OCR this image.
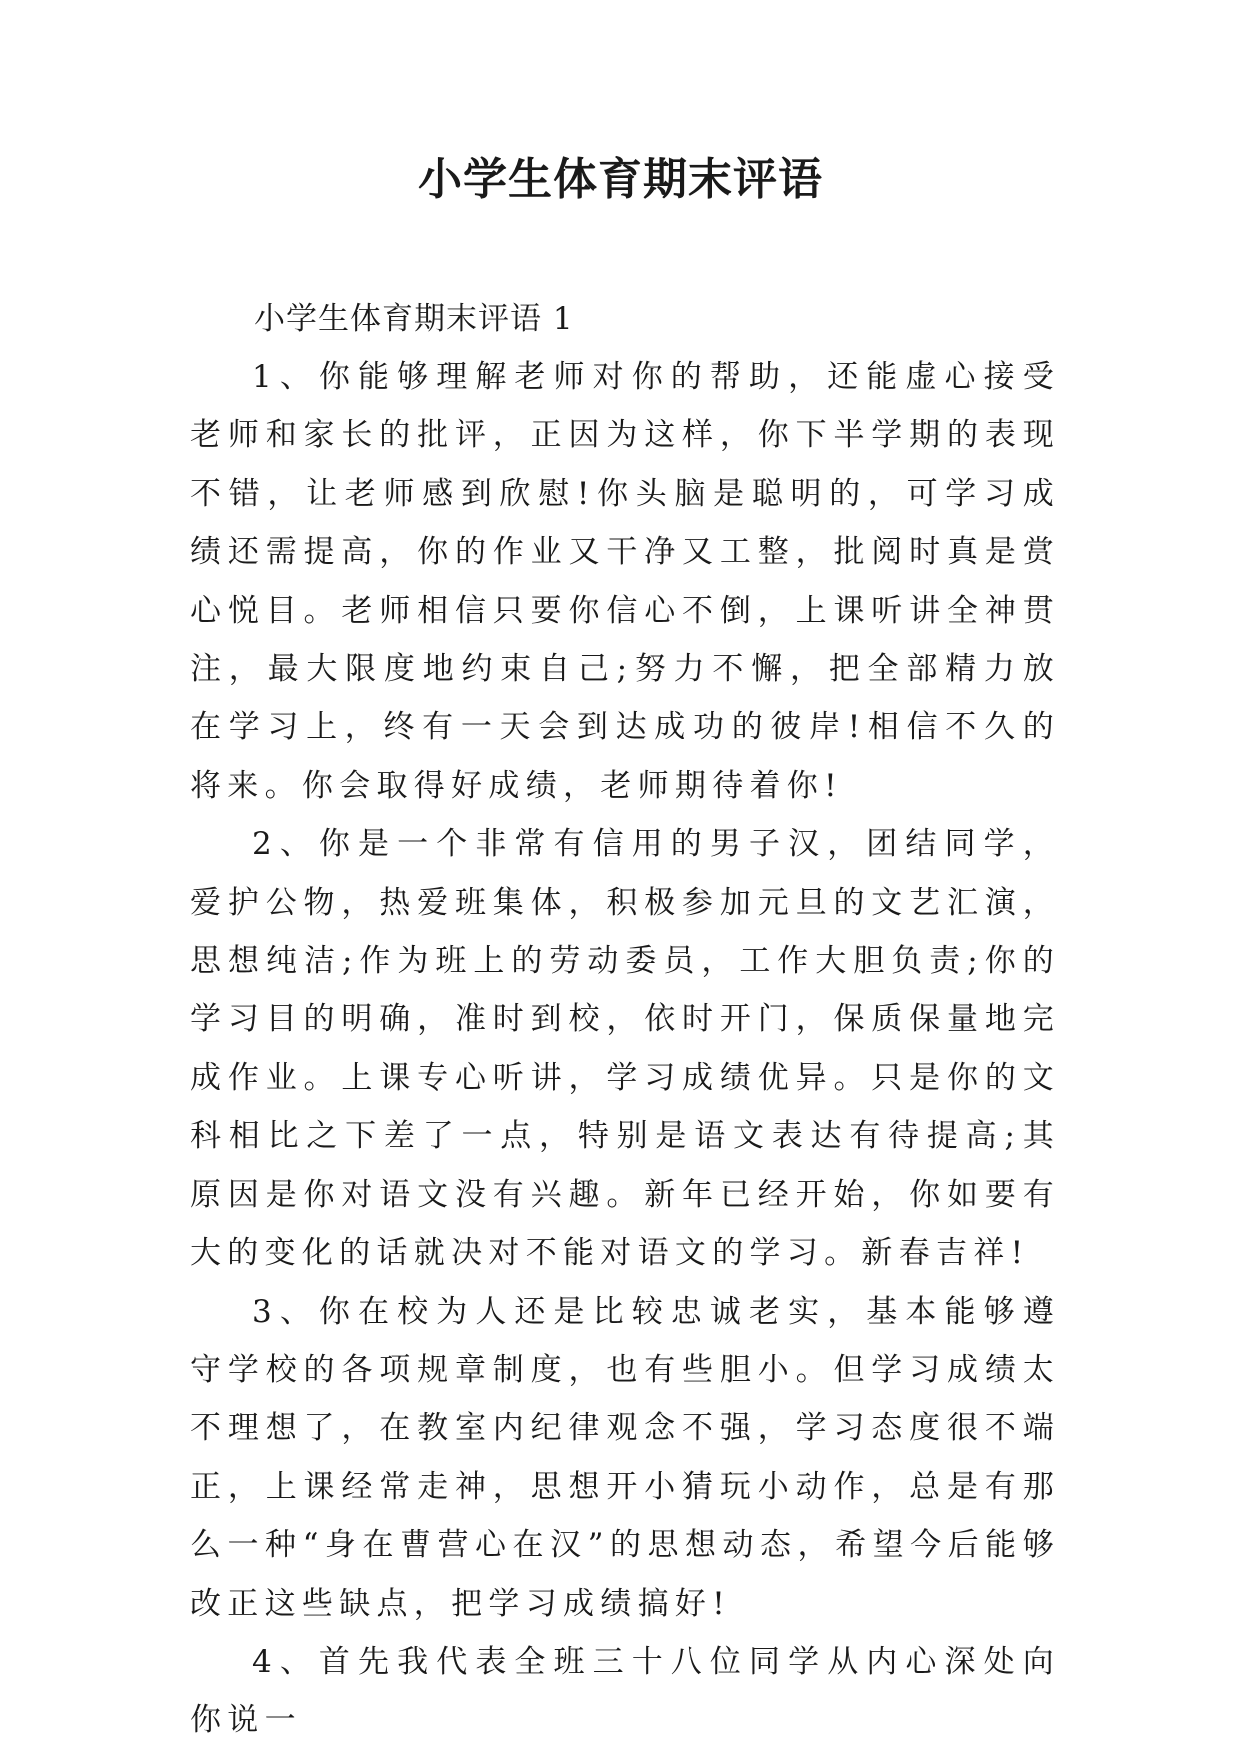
小学生体育期末评语

小学生体育期末评语 1

1、你能够理解老师对你的帮助，还能虚心接受老师和家长的批评，正因为这样，你下半学期的表现不错，让老师感到欣慰!你头脑是聪明的，可学习成绩还需提高，你的作业又干净又工整，批阅时真是赏心悦目。老师相信只要你信心不倒，上课听讲全神贯注，最大限度地约束自己;努力不懈，把全部精力放在学习上，终有一天会到达成功的彼岸!相信不久的将来。你会取得好成绩，老师期待着你!

2、你是一个非常有信用的男子汉，团结同学，爱护公物，热爱班集体，积极参加元旦的文艺汇演，思想纯洁;作为班上的劳动委员，工作大胆负责;你的学习目的明确，准时到校，依时开门，保质保量地完成作业。上课专心听讲，学习成绩优异。只是你的文科相比之下差了一点，特别是语文表达有待提高;其原因是你对语文没有兴趣。新年已经开始，你如要有大的变化的话就决对不能对语文的学习。新春吉祥!

3、你在校为人还是比较忠诚老实，基本能够遵守学校的各项规章制度，也有些胆小。但学习成绩太不理想了，在教室内纪律观念不强，学习态度很不端正，上课经常走神，思想开小猜玩小动作，总是有那么一种“身在曹营心在汉”的思想动态，希望今后能够改正这些缺点，把学习成绩搞好!

4、首先我代表全班三十八位同学从内心深处向你说一
